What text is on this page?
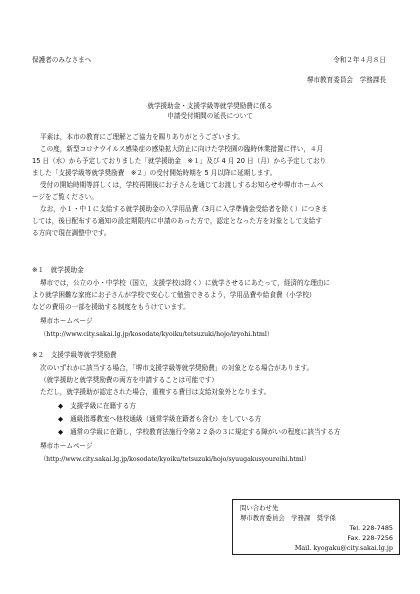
保護者のみなさまへ	令和２年４月８日
堺市教育委員会　学務課長
就学援助金・支援学級等就学奨励費に係る
申請受付期間の延長について
平素は，本市の教育にご理解とご協力を賜りありがとうございます。
この度，新型コロナウイルス感染症の感染拡大防止に向けた学校園の臨時休業措置に伴い，４月
15 日（水）から予定しておりました「就学援助金　※１」及び 4 月 20 日（月）から予定しており
ました「支援学級等就学奨励費　※２」の受付開始時期を 5 月以降に延期します。
受付の開始時期等詳しくは，学校再開後にお子さんを通じてお渡しするお知らせや堺市ホームペ
ージをご覧ください。
なお，小１・中１に支給する就学援助金の入学用品費（3月に入学準備金受給者を除く）につきま
しては，後日配布する通知の設定期限内に申請のあった方で，認定となった方を対象として支給す
る方向で現在調整中です。
※１　就学援助金
堺市では，公立の小・中学校（国立，支援学校は除く）に就学させるにあたって，経済的な理由に
より就学困難な家庭にお子さんが学校で安心して勉強できるよう，学用品費や給食費（小学校）
などの費用の一部を援助する制度をもうけています。
堺市ホームページ
（http://www.city.sakai.lg.jp/kosodate/kyoiku/tetsuzuki/hojo/iryohi.html）
※２　支援学級等就学奨励費
次のいずれかに該当する場合，「堺市支援学級等就学奨励費」の対象となる場合があります。
（就学援助と就学奨励費の両方を申請することは可能です）
ただし，就学援助が認定された場合，重複する費目は支給対象外となります。
◆ 支援学級に在籍する方
◆ 通級指導教室へ他校通級（通常学級在籍者も含む）をしている方
◆ 通常の学級に在籍し，学校教育法施行令第２２条の３に規定する障がいの程度に該当する方
堺市ホームページ
（http://www.city.sakai.lg.jp/kosodate/kyoiku/tetsuzuki/hojo/syuugakusyoureihi.html）
問い合わせ先
堺市教育委員会　学務課　奨学係
Tel. 228-7485
Fax. 228-7256
Mail. kyogaku@city.sakai.lg.jp
